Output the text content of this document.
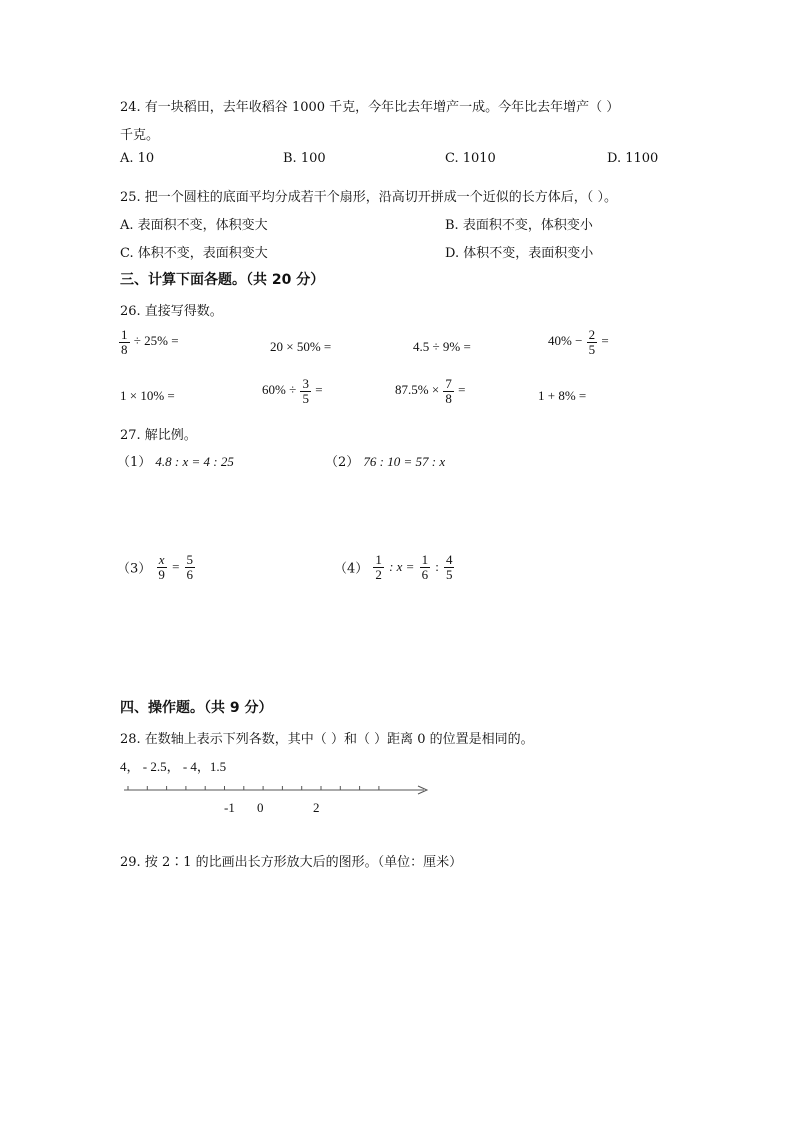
24. 有一块稻田，去年收稻谷 1000 千克，今年比去年增产一成。今年比去年增产（ ）
千克。
A. 10	B. 100	C. 1010	D. 1100
25. 把一个圆柱的底面平均分成若干个扇形，沿高切开拼成一个近似的长方体后，（ ）。
A. 表面积不变，体积变大	B. 表面积不变，体积变小
C. 体积不变，表面积变大	D. 体积不变，表面积变小
三、计算下面各题。（共 20 分）
26. 直接写得数。
$\frac{1}{8} \div 25\%$ =	20 × 50% =	4.5 ÷ 9% =	$40\% - \frac{2}{5}$ =
1 × 10% =	$60\% \div \frac{3}{5}$ =	$87.5\% \times \frac{7}{8}$ =	1 + 8% =
27. 解比例。
（1） 4.8 : x = 4 : 25	（2） 76 : 10 = 57 : x
$(3) \frac{x}{9} = \frac{5}{6}$	$(4) \frac{1}{2}$ : $x = \frac{1}{6}$ : $\frac{4}{5}$
四、操作题。（共 9 分）
28. 在数轴上表示下列各数，其中（ ）和（ ）距离 0 的位置是相同的。
4， - 2.5， - 4，1.5
-1 0	2
29. 按 2∶1 的比画出长方形放大后的图形。（单位：厘米）
